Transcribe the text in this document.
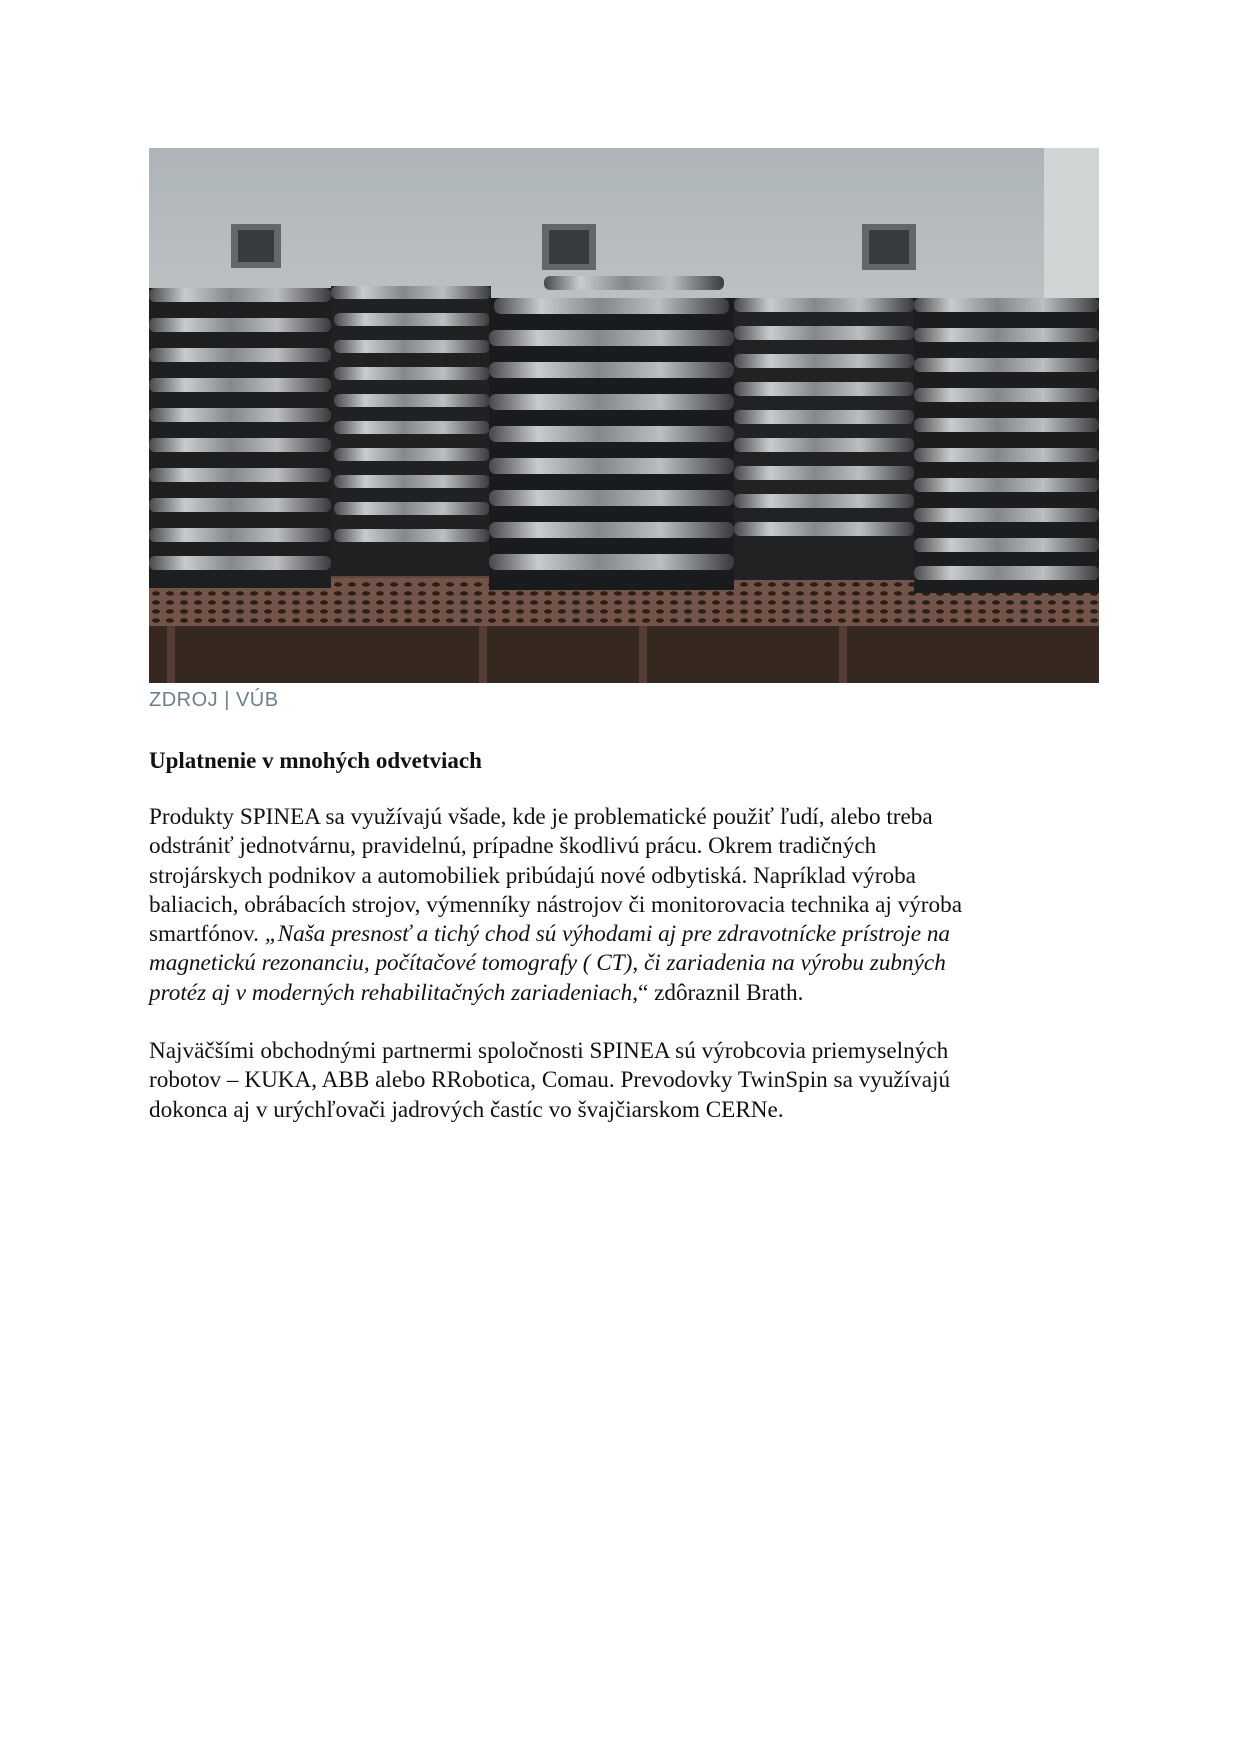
ZDROJ | VÚB
Uplatnenie v mnohých odvetviach
Produkty SPINEA sa využívajú všade, kde je problematické použiť ľudí, alebo treba
odstrániť jednotvárnu, pravidelnú, prípadne škodlivú prácu. Okrem tradičných
strojárskych podnikov a automobiliek pribúdajú nové odbytiská. Napríklad výroba
baliacich, obrábacích strojov, výmenníky nástrojov či monitorovacia technika aj výroba
smartfónov. „Naša presnosť a tichý chod sú výhodami aj pre zdravotnícke prístroje na
magnetickú rezonanciu, počítačové tomografy ( CT), či zariadenia na výrobu zubných
protéz aj v moderných rehabilitačných zariadeniach,“ zdôraznil Brath.
Najväčšími obchodnými partnermi spoločnosti SPINEA sú výrobcovia priemyselných
robotov – KUKA, ABB alebo RRobotica, Comau. Prevodovky TwinSpin sa využívajú
dokonca aj v urýchľovači jadrových častíc vo švajčiarskom CERNe.
